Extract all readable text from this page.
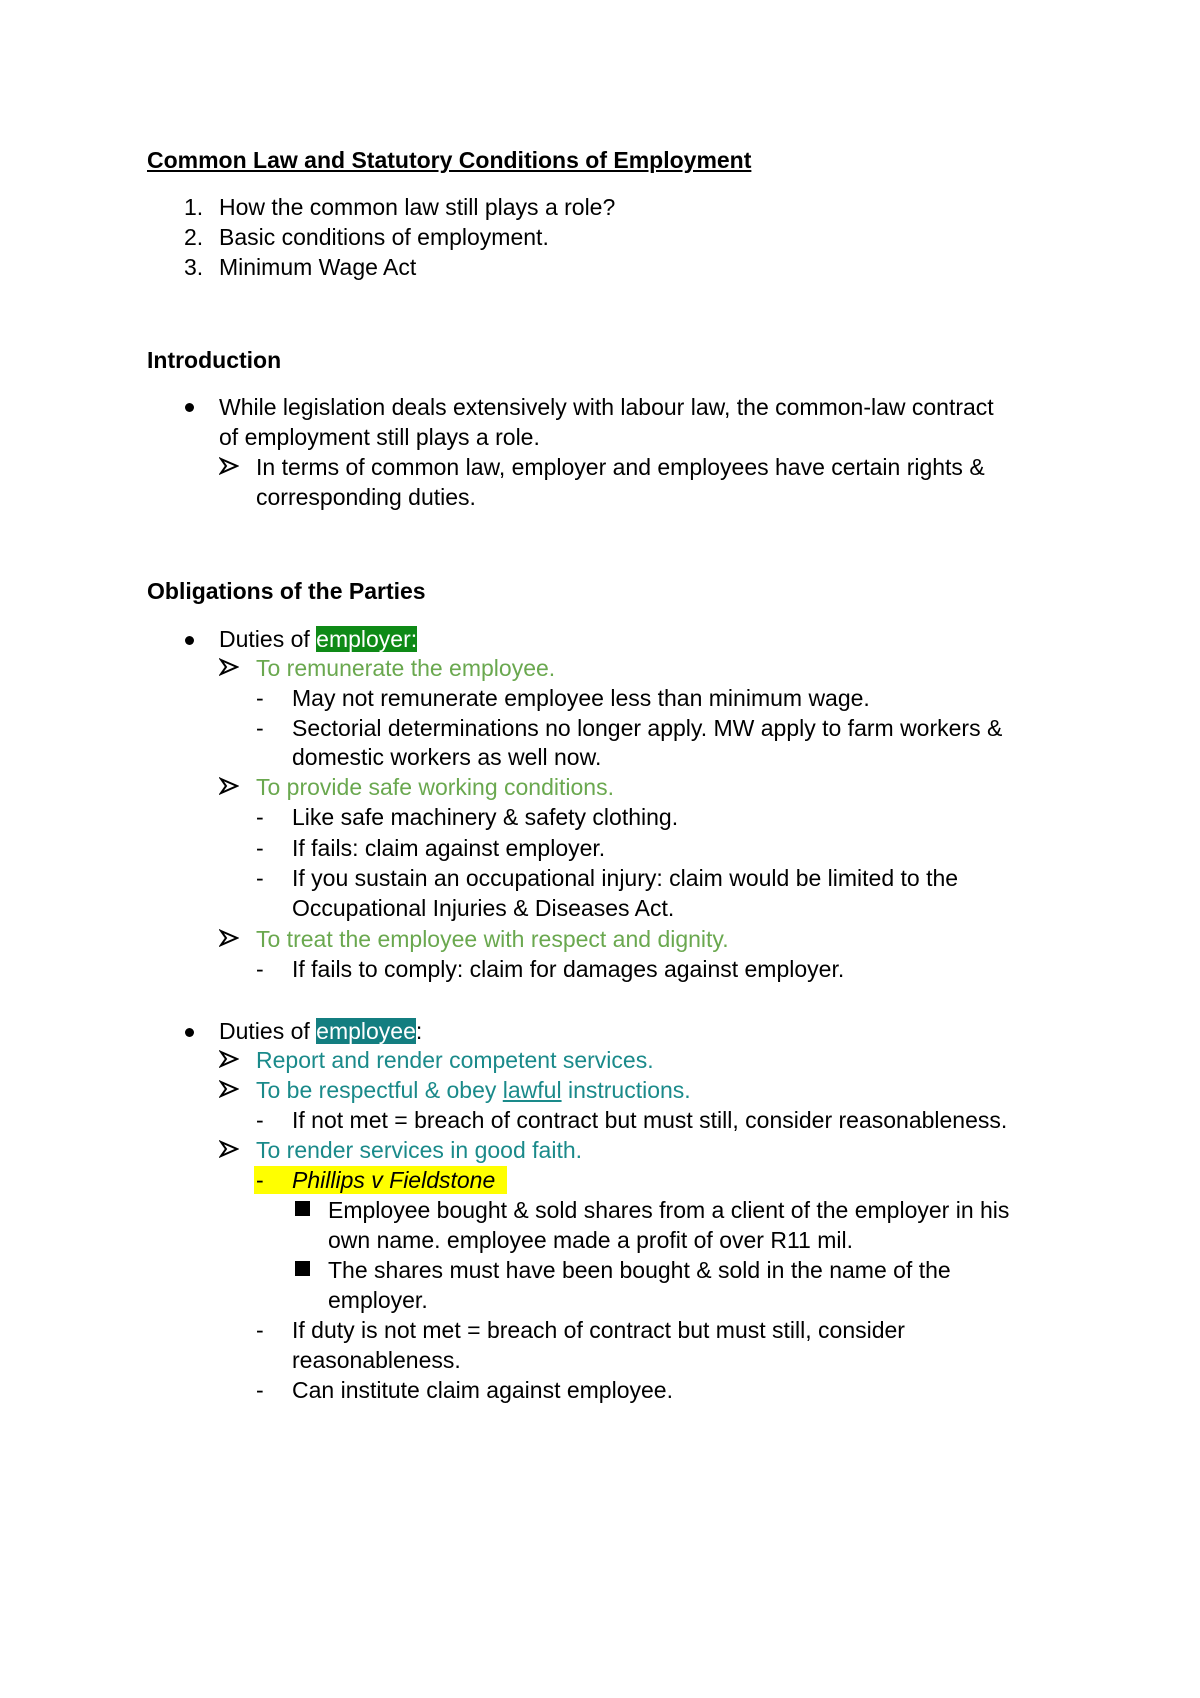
Common Law and Statutory Conditions of Employment
1. How the common law still plays a role?
2. Basic conditions of employment.
3. Minimum Wage Act
Introduction
While legislation deals extensively with labour law, the common-law contract
of employment still plays a role.
In terms of common law, employer and employees have certain rights &
corresponding duties.
Obligations of the Parties
Duties of employer:
To remunerate the employee.
- May not remunerate employee less than minimum wage.
- Sectorial determinations no longer apply. MW apply to farm workers &
domestic workers as well now.
To provide safe working conditions.
- Like safe machinery & safety clothing.
- If fails: claim against employer.
- If you sustain an occupational injury: claim would be limited to the
Occupational Injuries & Diseases Act.
To treat the employee with respect and dignity.
- If fails to comply: claim for damages against employer.
Duties of employee:
Report and render competent services.
To be respectful & obey lawful instructions.
- If not met = breach of contract but must still, consider reasonableness.
To render services in good faith.
- Phillips v Fieldstone

Employee bought & sold shares from a client of the employer in his
own name. employee made a profit of over R11 mil.
The shares must have been bought & sold in the name of the
employer.
- If duty is not met = breach of contract but must still, consider
reasonableness.
- Can institute claim against employee.
